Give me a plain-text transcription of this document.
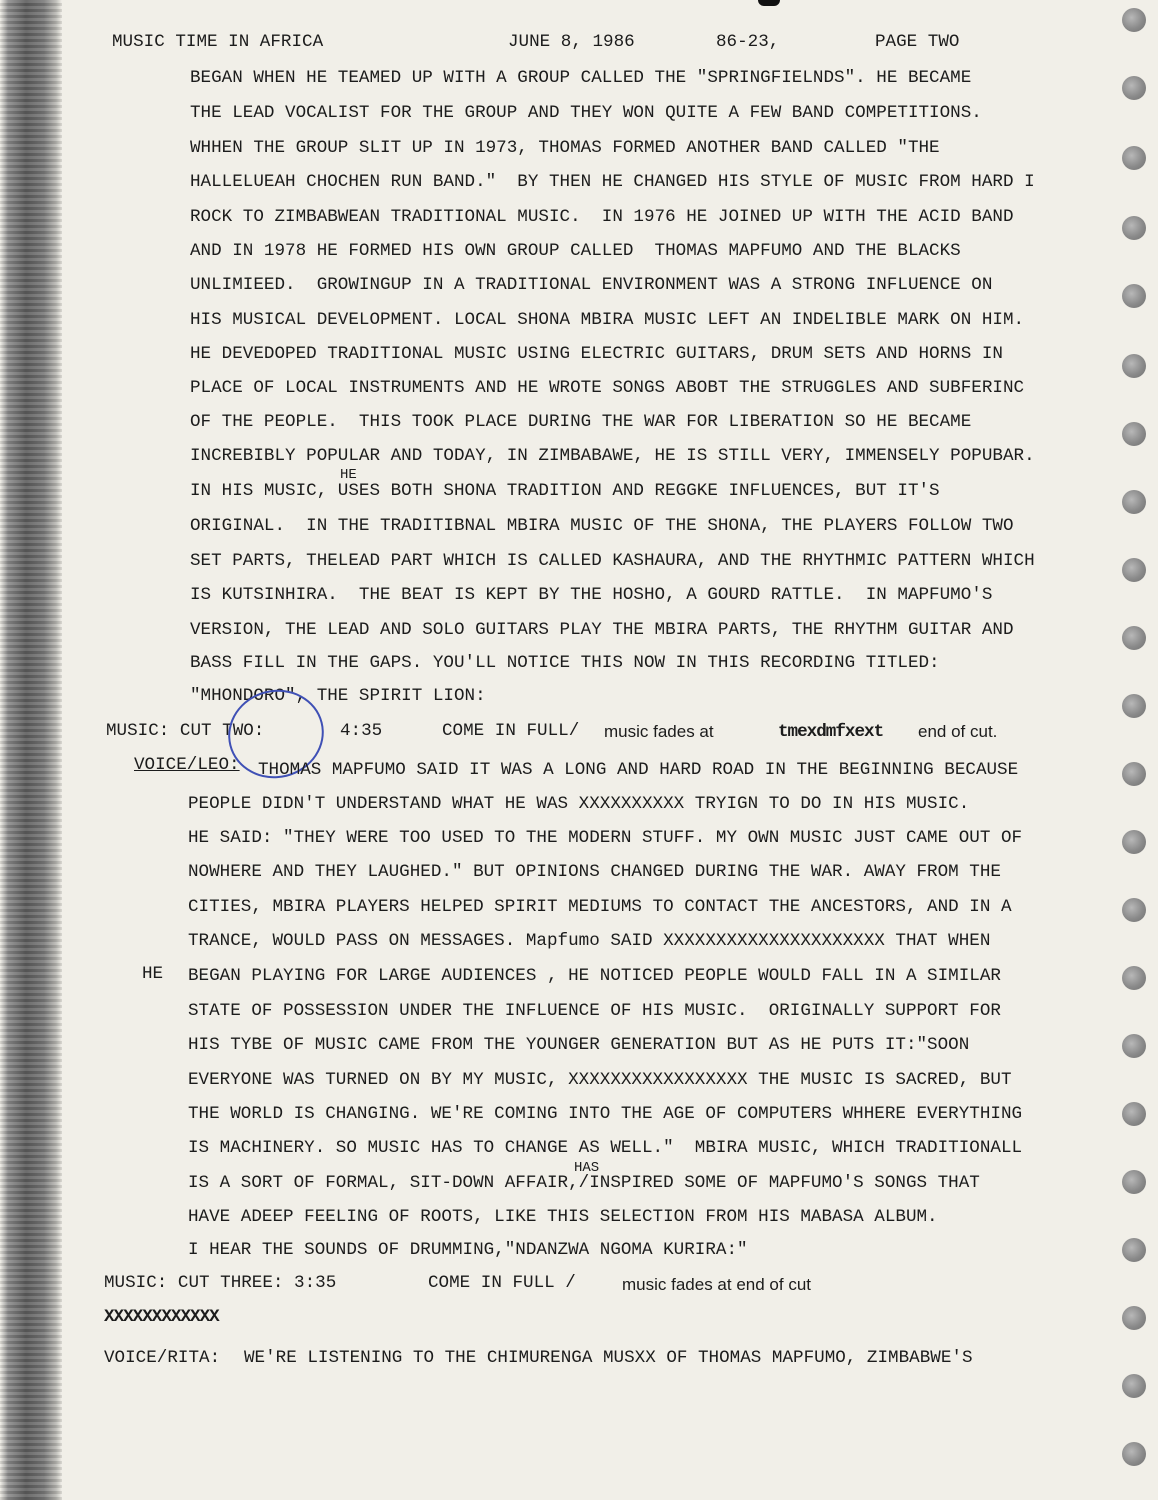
MUSIC TIME IN AFRICA	JUNE 8, 1986	86-23,	PAGE TWO
BEGAN WHEN HE TEAMED UP WITH A GROUP CALLED THE "SPRINGFIELNDS". HE BECAME
THE LEAD VOCALIST FOR THE GROUP AND THEY WON QUITE A FEW BAND COMPETITIONS.
WHHEN THE GROUP SLIT UP IN 1973, THOMAS FORMED ANOTHER BAND CALLED "THE
HALLELUEAH CHOCHEN RUN BAND."  BY THEN HE CHANGED HIS STYLE OF MUSIC FROM HARD I
ROCK TO ZIMBABWEAN TRADITIONAL MUSIC.  IN 1976 HE JOINED UP WITH THE ACID BAND
AND IN 1978 HE FORMED HIS OWN GROUP CALLED  THOMAS MAPFUMO AND THE BLACKS
UNLIMIEED.  GROWINGUP IN A TRADITIONAL ENVIRONMENT WAS A STRONG INFLUENCE ON
HIS MUSICAL DEVELOPMENT. LOCAL SHONA MBIRA MUSIC LEFT AN INDELIBLE MARK ON HIM.
HE DEVEDOPED TRADITIONAL MUSIC USING ELECTRIC GUITARS, DRUM SETS AND HORNS IN
PLACE OF LOCAL INSTRUMENTS AND HE WROTE SONGS ABOBT THE STRUGGLES AND SUBFERINC
OF THE PEOPLE.  THIS TOOK PLACE DURING THE WAR FOR LIBERATION SO HE BECAME
INCREBIBLY POPULAR AND TODAY, IN ZIMBABAWE, HE IS STILL VERY, IMMENSELY POPUBAR.
IN HIS MUSIC, USES BOTH SHONA TRADITION AND REGGKE INFLUENCES, BUT IT'S
ORIGINAL.  IN THE TRADITIBNAL MBIRA MUSIC OF THE SHONA, THE PLAYERS FOLLOW TWO
SET PARTS, THELEAD PART WHICH IS CALLED KASHAURA, AND THE RHYTHMIC PATTERN WHICH
IS KUTSINHIRA.  THE BEAT IS KEPT BY THE HOSHO, A GOURD RATTLE.  IN MAPFUMO'S
VERSION, THE LEAD AND SOLO GUITARS PLAY THE MBIRA PARTS, THE RHYTHM GUITAR AND
BASS FILL IN THE GAPS. YOU'LL NOTICE THIS NOW IN THIS RECORDING TITLED:
"MHONDORO", THE SPIRIT LION:
HE
MUSIC: CUT TWO:	4:35	COME IN FULL/ music fades at	tmexdmfxext end of cut.
VOICE/LEO: THOMAS MAPFUMO SAID IT WAS A LONG AND HARD ROAD IN THE BEGINNING BECAUSE
PEOPLE DIDN'T UNDERSTAND WHAT HE WAS XXXXXXXXXX TRYIGN TO DO IN HIS MUSIC.
HE SAID: "THEY WERE TOO USED TO THE MODERN STUFF. MY OWN MUSIC JUST CAME OUT OF
NOWHERE AND THEY LAUGHED." BUT OPINIONS CHANGED DURING THE WAR. AWAY FROM THE
CITIES, MBIRA PLAYERS HELPED SPIRIT MEDIUMS TO CONTACT THE ANCESTORS, AND IN A
TRANCE, WOULD PASS ON MESSAGES. Mapfumo SAID XXXXXXXXXXXXXXXXXXXXX THAT WHEN
BEGAN PLAYING FOR LARGE AUDIENCES , HE NOTICED PEOPLE WOULD FALL IN A SIMILAR
STATE OF POSSESSION UNDER THE INFLUENCE OF HIS MUSIC.  ORIGINALLY SUPPORT FOR
HIS TYBE OF MUSIC CAME FROM THE YOUNGER GENERATION BUT AS HE PUTS IT:"SOON
EVERYONE WAS TURNED ON BY MY MUSIC, XXXXXXXXXXXXXXXXX THE MUSIC IS SACRED, BUT
THE WORLD IS CHANGING. WE'RE COMING INTO THE AGE OF COMPUTERS WHHERE EVERYTHING
IS MACHINERY. SO MUSIC HAS TO CHANGE AS WELL."  MBIRA MUSIC, WHICH TRADITIONALL
IS A SORT OF FORMAL, SIT-DOWN AFFAIR,/INSPIRED SOME OF MAPFUMO'S SONGS THAT
HAVE ADEEP FEELING OF ROOTS, LIKE THIS SELECTION FROM HIS MABASA ALBUM.
I HEAR THE SOUNDS OF DRUMMING,"NDANZWA NGOMA KURIRA:"
HE
HAS
MUSIC: CUT THREE: 3:35	COME IN FULL /	music fades at end of cut
XXXXXXXXXXXX
VOICE/RITA: WE'RE LISTENING TO THE CHIMURENGA MUSXX OF THOMAS MAPFUMO, ZIMBABWE'S
